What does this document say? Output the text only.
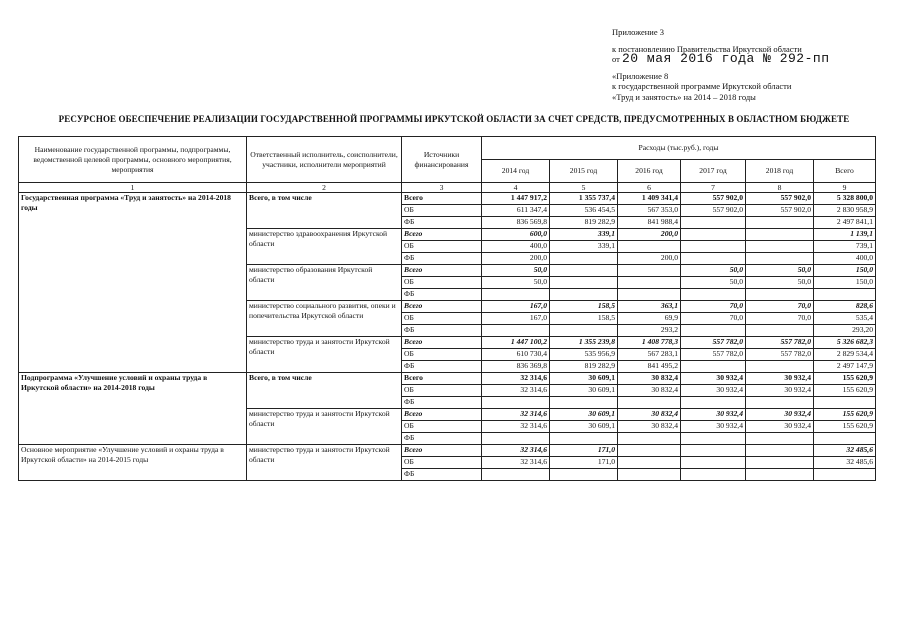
Приложение 3
к постановлению Правительства Иркутской области
от 20 мая 2016 года № 292-пп
«Приложение 8
к государственной программе Иркутской области
«Труд и занятость» на 2014 – 2018 годы
РЕСУРСНОЕ ОБЕСПЕЧЕНИЕ РЕАЛИЗАЦИИ ГОСУДАРСТВЕННОЙ ПРОГРАММЫ ИРКУТСКОЙ ОБЛАСТИ ЗА СЧЕТ СРЕДСТВ, ПРЕДУСМОТРЕННЫХ В ОБЛАСТНОМ БЮДЖЕТЕ
Наименование государственной программы, подпрограммы, ведомственной целевой программы, основного мероприятия, мероприятия	Ответственный исполнитель, соисполнители, участники, исполнители мероприятий	Источники финансирования	Расходы (тыс.руб.), годы					
			2014 год	2015 год	2016 год	2017 год	2018 год	Всего
1	2	3	4	5	6	7	8	9
Государственная программа «Труд и занятость» на 2014-2018 годы	Всего, в том числе	Всего	1 447 917,2	1 355 737,4	1 409 341,4	557 902,0	557 902,0	5 328 800,0
		ОБ	611 347,4	536 454,5	567 353,0	557 902,0	557 902,0	2 830 958,9
		ФБ	836 569,8	819 282,9	841 988,4			2 497 841,1
	министерство здравоохранения Иркутской области	Всего	600,0	339,1	200,0			1 139,1
		ОБ	400,0	339,1				739,1
		ФБ	200,0		200,0			400,0
	министерство образования Иркутской области	Всего	50,0			50,0	50,0	150,0
		ОБ	50,0			50,0	50,0	150,0
		ФБ						
	министерство социального развития, опеки и попечительства Иркутской области	Всего	167,0	158,5	363,1	70,0	70,0	828,6
		ОБ	167,0	158,5	69,9	70,0	70,0	535,4
		ФБ			293,2			293,20
	министерство труда и занятости Иркутской области	Всего	1 447 100,2	1 355 239,8	1 408 778,3	557 782,0	557 782,0	5 326 682,3
		ОБ	610 730,4	535 956,9	567 283,1	557 782,0	557 782,0	2 829 534,4
		ФБ	836 369,8	819 282,9	841 495,2			2 497 147,9
Подпрограмма «Улучшение условий и охраны труда в Иркутской области» на 2014-2018 годы	Всего, в том числе	Всего	32 314,6	30 609,1	30 832,4	30 932,4	30 932,4	155 620,9
		ОБ	32 314,6	30 609,1	30 832,4	30 932,4	30 932,4	155 620,9
		ФБ						
	министерство труда и занятости Иркутской области	Всего	32 314,6	30 609,1	30 832,4	30 932,4	30 932,4	155 620,9
		ОБ	32 314,6	30 609,1	30 832,4	30 932,4	30 932,4	155 620,9
		ФБ						
Основное мероприятие «Улучшение условий и охраны труда в Иркутской области» на 2014-2015 годы	министерство труда и занятости Иркутской области	Всего	32 314,6	171,0				32 485,6
		ОБ	32 314,6	171,0				32 485,6
		ФБ						
